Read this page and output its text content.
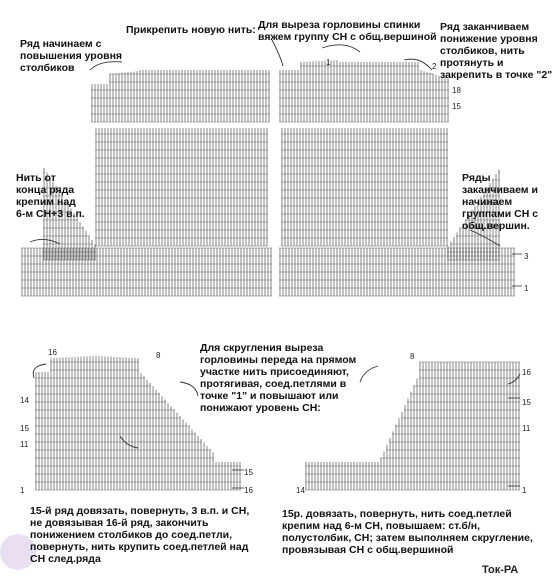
Ряд начинаем с
повышения уровня
столбиков
Прикрепить новую нить: Для выреза горловины спинки
вяжем группу СН с общ.вершиной
Ряд заканчиваем
понижение уровня
столбиков, нить
протянуть и
закрепить в точке "2"
Нить от
конца ряда
крепим над
6-м СН+3 в.п.
Ряды
заканчиваем и
начинаем
группами СН с
общ.вершин.
Для скругления выреза
горловины переда на прямом
участке нить присоединяют,
протягивая, соед.петлями в
точке "1" и повышают или
понижают уровень СН:
15-й ряд довязать, повернуть, 3 в.п. и СН,
не довязывая 16-й ряд, закончить
понижением столбиков до соед.петли,
повернуть, нить крупить соед.петлей над
СН след.ряда
15р. довязать, повернуть, нить соед.петлей
крепим над 6-м СН, повышаем: ст.б/н,
полустолбик, СН; затем выполняем скругление,
провязывая СН с общ.вершиной
Ток-РА
18
15
2
1
3
1
8
15
11
1
16
14
15
16
8
15
11
1
16
14
